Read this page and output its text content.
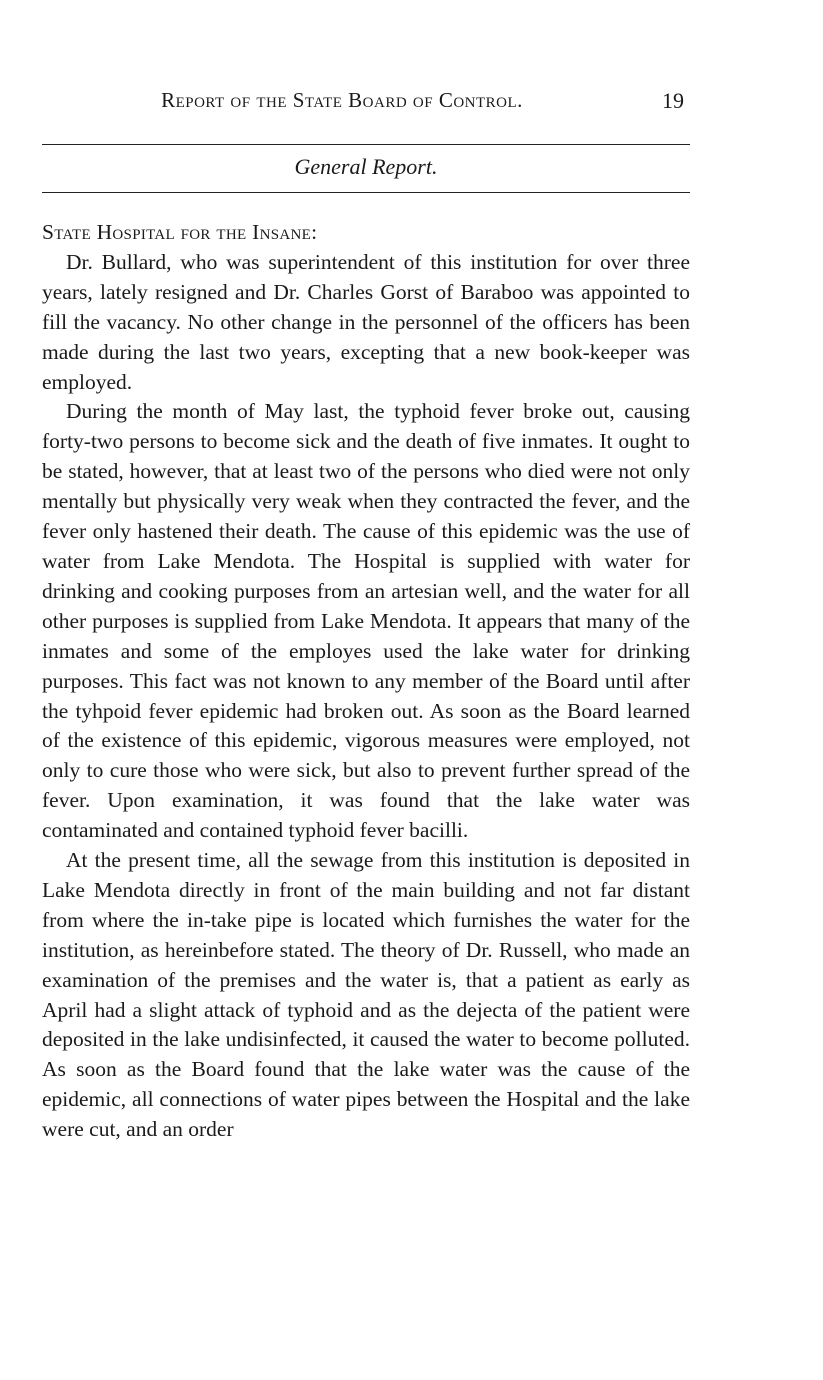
Report of the State Board of Control.	19
General Report.

State Hospital for the Insane:

Dr. Bullard, who was superintendent of this institution for over three years, lately resigned and Dr. Charles Gorst of Baraboo was appointed to fill the vacancy. No other change in the personnel of the officers has been made during the last two years, excepting that a new book-keeper was employed.

During the month of May last, the typhoid fever broke out, causing forty-two persons to become sick and the death of five inmates. It ought to be stated, however, that at least two of the persons who died were not only mentally but physically very weak when they contracted the fever, and the fever only hastened their death. The cause of this epidemic was the use of water from Lake Mendota. The Hospital is supplied with water for drinking and cooking purposes from an artesian well, and the water for all other purposes is supplied from Lake Mendota. It appears that many of the inmates and some of the employes used the lake water for drinking purposes. This fact was not known to any member of the Board until after the tyhpoid fever epidemic had broken out. As soon as the Board learned of the existence of this epidemic, vigorous measures were employed, not only to cure those who were sick, but also to prevent further spread of the fever. Upon examination, it was found that the lake water was contaminated and contained typhoid fever bacilli.

At the present time, all the sewage from this institution is deposited in Lake Mendota directly in front of the main building and not far distant from where the in-take pipe is located which furnishes the water for the institution, as hereinbefore stated. The theory of Dr. Russell, who made an examination of the premises and the water is, that a patient as early as April had a slight attack of typhoid and as the dejecta of the patient were deposited in the lake undisinfected, it caused the water to become polluted. As soon as the Board found that the lake water was the cause of the epidemic, all connections of water pipes between the Hospital and the lake were cut, and an order
